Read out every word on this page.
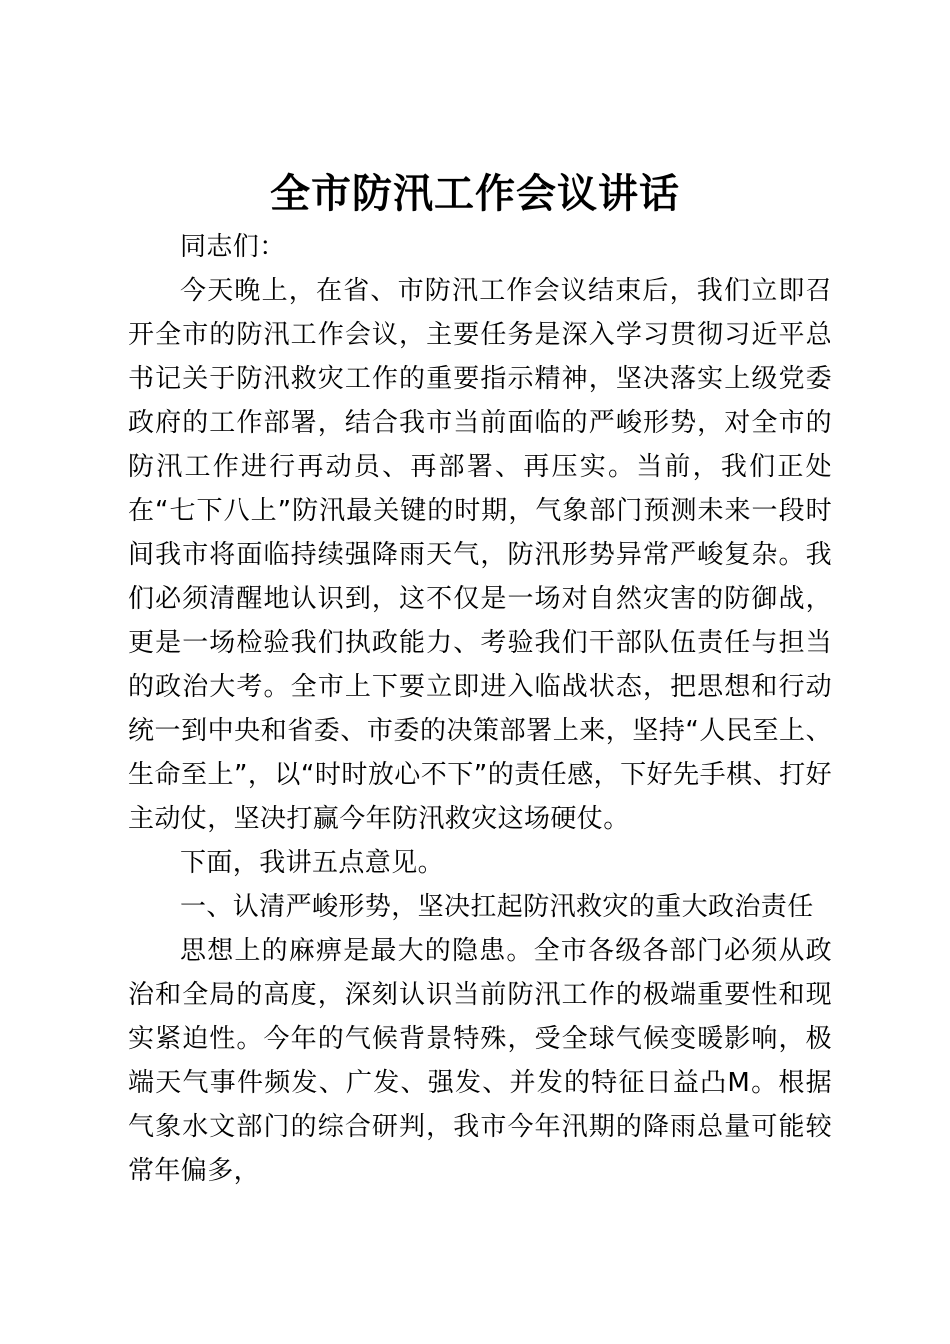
全市防汛工作会议讲话

同志们：

今天晚上，在省、市防汛工作会议结束后，我们立即召开全市的防汛工作会议，主要任务是深入学习贯彻习近平总书记关于防汛救灾工作的重要指示精神，坚决落实上级党委政府的工作部署，结合我市当前面临的严峻形势，对全市的防汛工作进行再动员、再部署、再压实。当前，我们正处在“七下八上”防汛最关键的时期，气象部门预测未来一段时间我市将面临持续强降雨天气，防汛形势异常严峻复杂。我们必须清醒地认识到，这不仅是一场对自然灾害的防御战，更是一场检验我们执政能力、考验我们干部队伍责任与担当的政治大考。全市上下要立即进入临战状态，把思想和行动统一到中央和省委、市委的决策部署上来，坚持“人民至上、生命至上”，以“时时放心不下”的责任感，下好先手棋、打好主动仗，坚决打赢今年防汛救灾这场硬仗。

下面，我讲五点意见。

一、认清严峻形势，坚决扛起防汛救灾的重大政治责任

思想上的麻痹是最大的隐患。全市各级各部门必须从政治和全局的高度，深刻认识当前防汛工作的极端重要性和现实紧迫性。今年的气候背景特殊，受全球气候变暖影响，极端天气事件频发、广发、强发、并发的特征日益凸M。根据气象水文部门的综合研判，我市今年汛期的降雨总量可能较常年偏多，
